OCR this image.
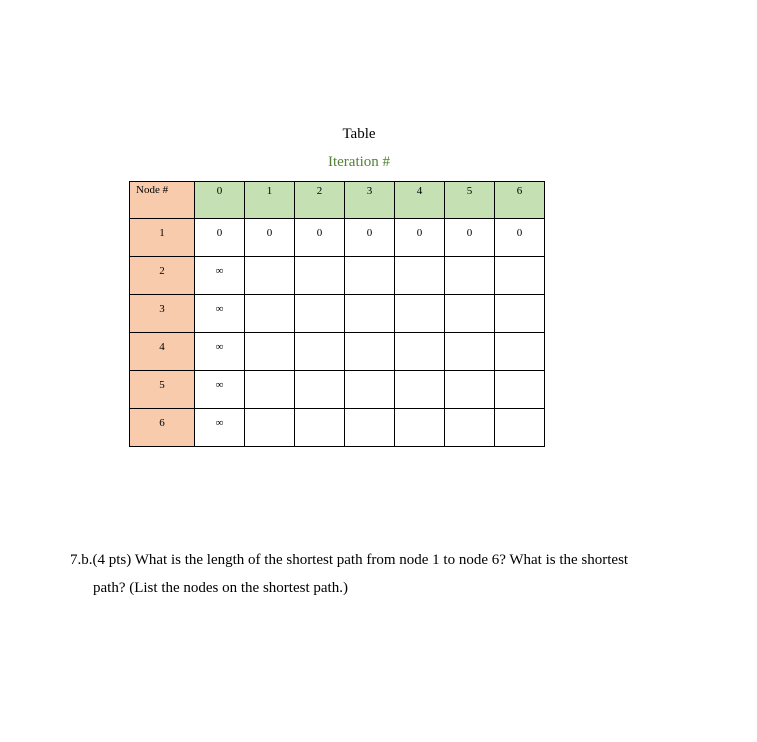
Table
Iteration #
Node #	0	1	2	3	4	5	6
1	0	0	0	0	0	0	0
2	∞						
3	∞						
4	∞						
5	∞						
6	∞						
7.b.(4 pts) What is the length of the shortest path from node 1 to node 6? What is the shortest
path? (List the nodes on the shortest path.)
